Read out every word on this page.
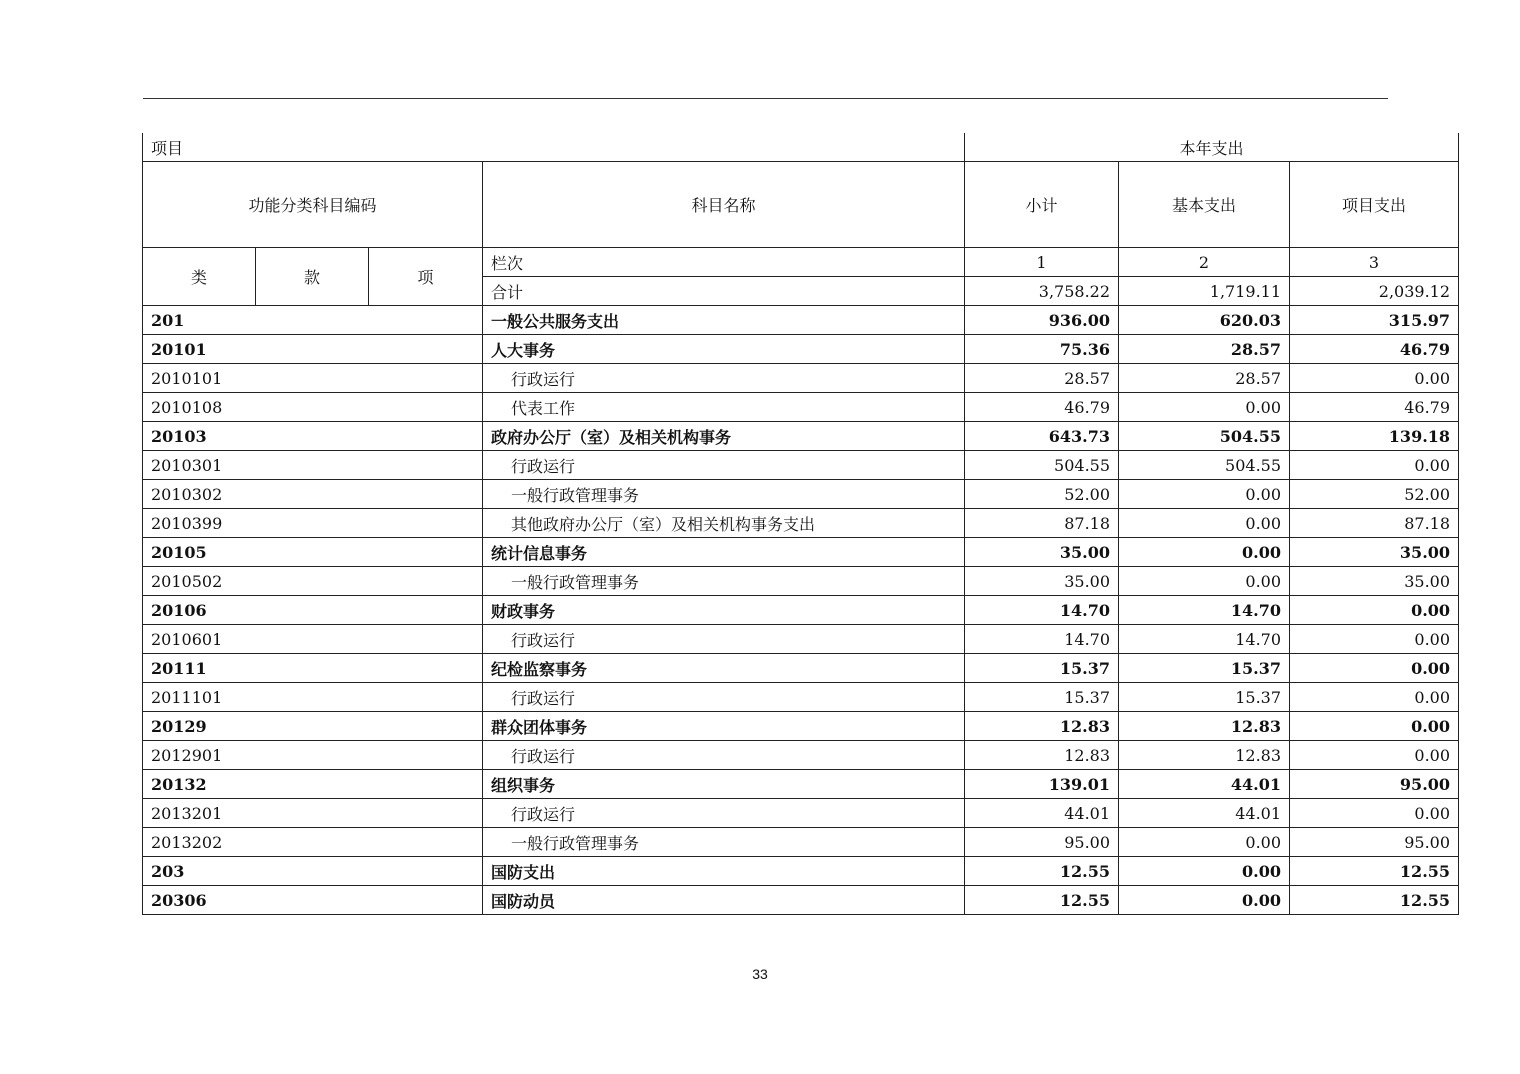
项目				本年支出		
功能分类科目编码			科目名称	小计	基本支出	项目支出
类	款	项	栏次	1	2	3
			合计	3,758.22	1,719.11	2,039.12
201			一般公共服务支出	936.00	620.03	315.97
20101			人大事务	75.36	28.57	46.79
2010101			行政运行	28.57	28.57	0.00
2010108			代表工作	46.79	0.00	46.79
20103			政府办公厅（室）及相关机构事务	643.73	504.55	139.18
2010301			行政运行	504.55	504.55	0.00
2010302			一般行政管理事务	52.00	0.00	52.00
2010399			其他政府办公厅（室）及相关机构事务支出	87.18	0.00	87.18
20105			统计信息事务	35.00	0.00	35.00
2010502			一般行政管理事务	35.00	0.00	35.00
20106			财政事务	14.70	14.70	0.00
2010601			行政运行	14.70	14.70	0.00
20111			纪检监察事务	15.37	15.37	0.00
2011101			行政运行	15.37	15.37	0.00
20129			群众团体事务	12.83	12.83	0.00
2012901			行政运行	12.83	12.83	0.00
20132			组织事务	139.01	44.01	95.00
2013201			行政运行	44.01	44.01	0.00
2013202			一般行政管理事务	95.00	0.00	95.00
203			国防支出	12.55	0.00	12.55
20306			国防动员	12.55	0.00	12.55
33
